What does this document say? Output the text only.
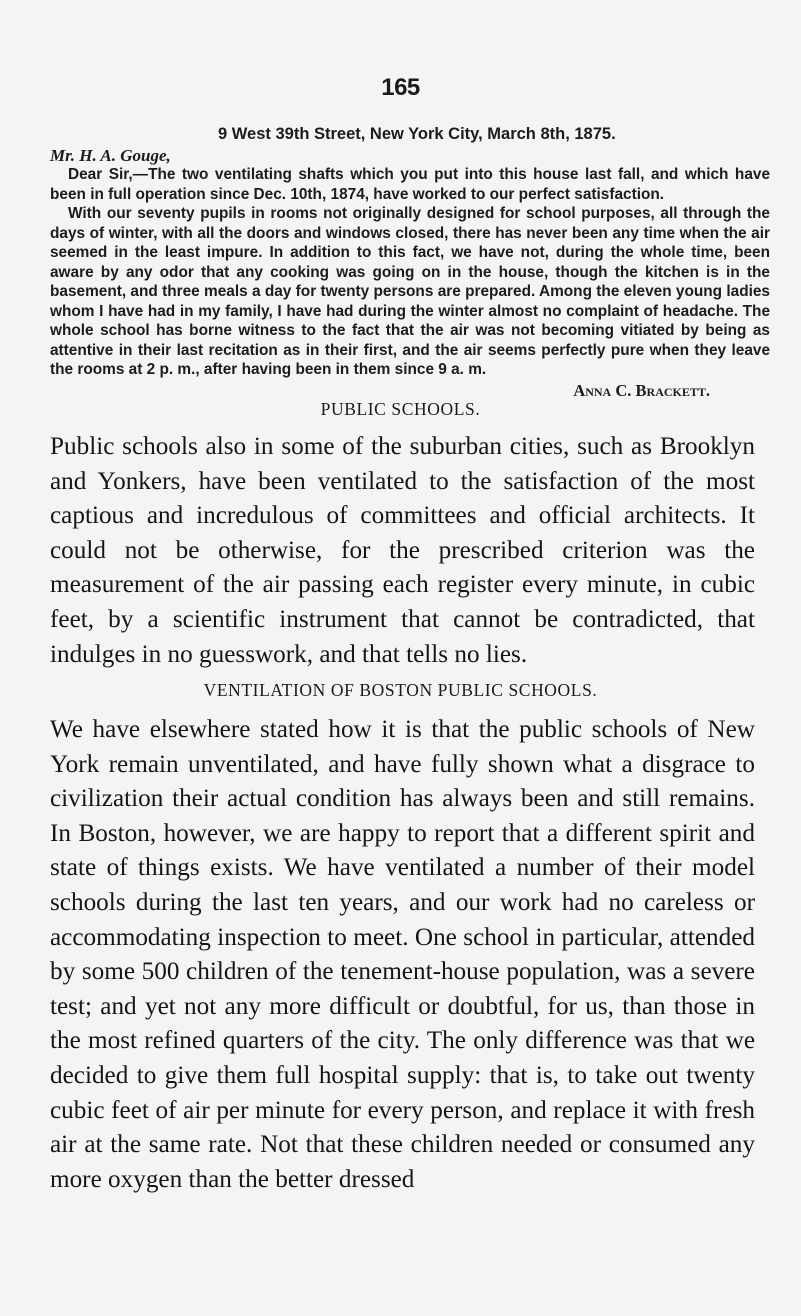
165
9 West 39th Street, New York City, March 8th, 1875.
Mr. H. A. Gouge,

Dear Sir,—The two ventilating shafts which you put into this house last fall, and which have been in full operation since Dec. 10th, 1874, have worked to our perfect satisfaction.

With our seventy pupils in rooms not originally designed for school purposes, all through the days of winter, with all the doors and windows closed, there has never been any time when the air seemed in the least impure. In addition to this fact, we have not, during the whole time, been aware by any odor that any cooking was going on in the house, though the kitchen is in the basement, and three meals a day for twenty persons are prepared. Among the eleven young ladies whom I have had in my family, I have had during the winter almost no complaint of headache. The whole school has borne witness to the fact that the air was not becoming vitiated by being as attentive in their last recitation as in their first, and the air seems perfectly pure when they leave the rooms at 2 p. m., after having been in them since 9 a. m.

Anna C. Brackett.
PUBLIC SCHOOLS.

Public schools also in some of the suburban cities, such as Brooklyn and Yonkers, have been ventilated to the satisfaction of the most captious and incredulous of committees and official architects. It could not be otherwise, for the prescribed criterion was the measurement of the air passing each register every minute, in cubic feet, by a scientific instrument that cannot be contradicted, that indulges in no guesswork, and that tells no lies.

VENTILATION OF BOSTON PUBLIC SCHOOLS.

We have elsewhere stated how it is that the public schools of New York remain unventilated, and have fully shown what a disgrace to civilization their actual condition has always been and still remains. In Boston, however, we are happy to report that a different spirit and state of things exists. We have ventilated a number of their model schools during the last ten years, and our work had no careless or accommodating inspection to meet. One school in particular, attended by some 500 children of the tenement-house population, was a severe test; and yet not any more difficult or doubtful, for us, than those in the most refined quarters of the city. The only difference was that we decided to give them full hospital supply: that is, to take out twenty cubic feet of air per minute for every person, and replace it with fresh air at the same rate. Not that these children needed or consumed any more oxygen than the better dressed
